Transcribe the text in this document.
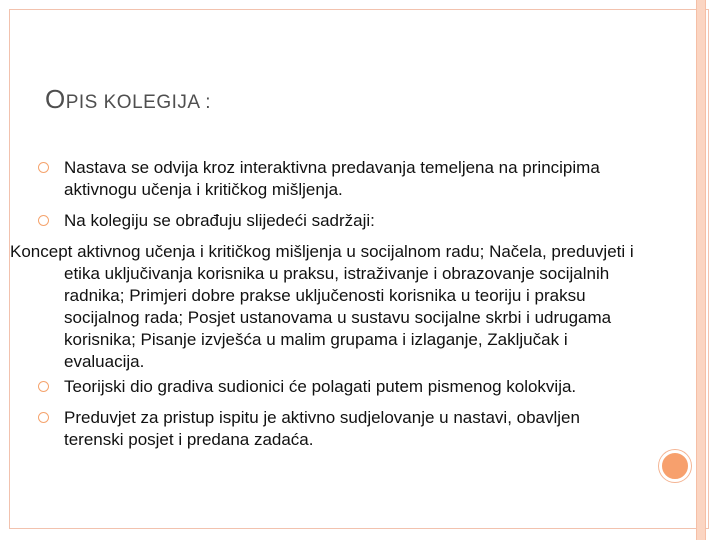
OPIS KOLEGIJA :
Nastava se odvija kroz interaktivna predavanja temeljena na principima aktivnogu učenja i kritičkog mišljenja.
Na kolegiju se obrađuju slijedeći sadržaji:
Koncept aktivnog učenja i kritičkog mišljenja u socijalnom radu; Načela, preduvjeti i etika uključivanja korisnika u praksu, istraživanje i obrazovanje socijalnih radnika; Primjeri dobre prakse uključenosti korisnika u teoriju i praksu socijalnog rada; Posjet ustanovama u sustavu socijalne skrbi i udrugama korisnika; Pisanje izvješća u malim grupama i izlaganje, Zaključak i evaluacija.
Teorijski dio gradiva sudionici će polagati putem pismenog kolokvija.
Preduvjet za pristup ispitu je aktivno sudjelovanje u nastavi, obavljen terenski posjet i predana zadaća.
